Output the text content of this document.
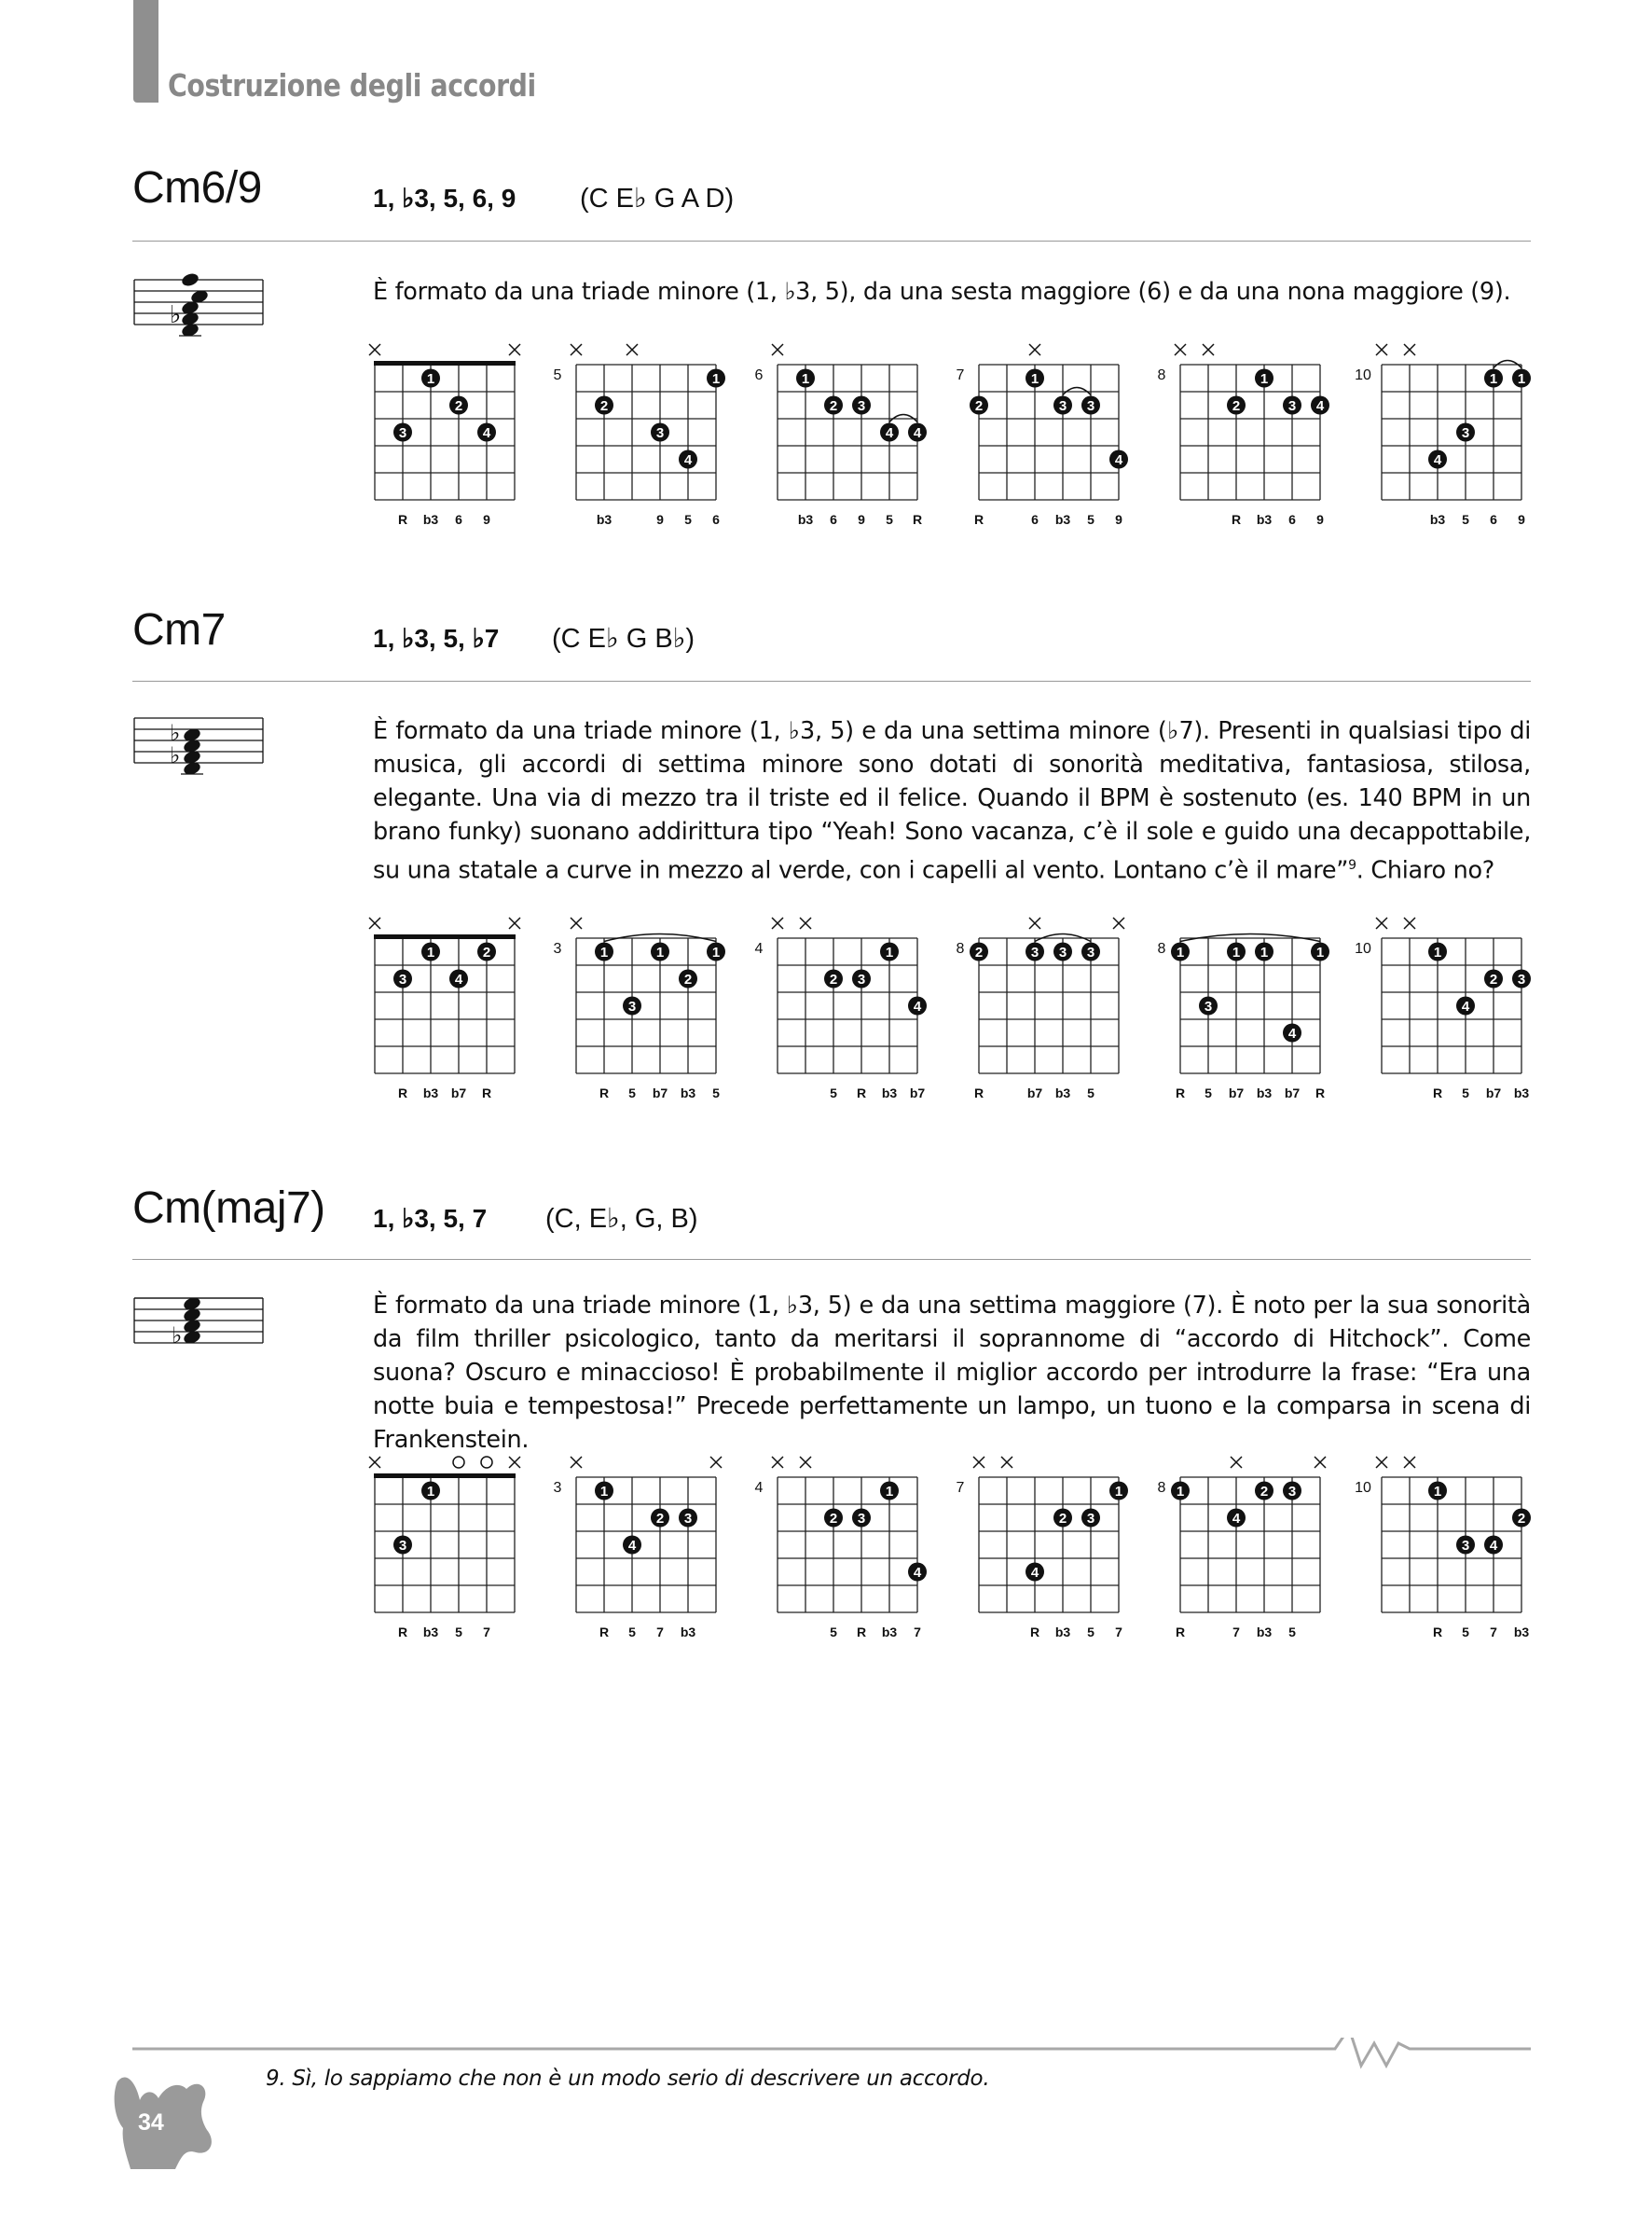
Costruzione degli accordi
Cm6/9	1, ♭3, 5, 6, 9 (C E♭ G A D)
♭

È formato da una triade minore (1, ♭3, 5), da una sesta maggiore (6) e da una nona maggiore (9).

1
2
3	4
R b3 6 9
5	1
2
3
4
b3	9 5 6
6	1
2 3
4 4
b3 6 9 5 R
7	1
2	3 3
4
R	6 b3 5 9
8	1
2	3 4
R b3 6 9
10	1 1
3
4
b3 5 6 9
Cm7	1, ♭3, 5, ♭7 (C E♭ G B♭)
♭
♭

È formato da una triade minore (1, ♭3, 5) e da una settima minore (♭7). Presenti in qualsiasi tipo di musica, gli accordi di settima minore sono dotati di sonorità meditativa, fantasiosa, stilosa, elegante. Una via di mezzo tra il triste ed il felice. Quando il BPM è sostenuto (es. 140 BPM in un brano funky) suonano addirittura tipo “Yeah! Sono vacanza, c’è il sole e guido una decappottabile, su una statale a curve in mezzo al verde, con i capelli al vento. Lontano c’è il mare”$^9$. Chiaro no?

1	2
3	4
R b3 b7 R
3	1	1	1
2
3
R 5 b7 b3 5
4	1
2 3
4
5 R b3 b7
8 2	3 3 3
R	b7 b3 5
8 1	1 1	1
3
4
R 5 b7 b3 b7 R
10	1
2 3
4
R 5 b7 b3
Cm(maj7) 1, ♭3, 5, 7 (C, E♭, G, B)
♭

È formato da una triade minore (1, ♭3, 5) e da una settima maggiore (7). È noto per la sua sonorità da film thriller psicologico, tanto da meritarsi il soprannome di “accordo di Hitchock”. Come suona? Oscuro e minaccioso! È probabilmente il miglior accordo per introdurre la frase: “Era una notte buia e tempestosa!” Precede perfettamente un lampo, un tuono e la comparsa in scena di Frankenstein.

1
3
R b3 5 7
3	1
2 3
4
R 5 7 b3
4	1
2 3
4
5 R b3 7
7	1
2 3
4
R b3 5 7
8 1	2 3
4
R	7 b3 5
10	1
2
3 4
R 5 7 b3
9. Sì, lo sappiamo che non è un modo serio di descrivere un accordo.
34
